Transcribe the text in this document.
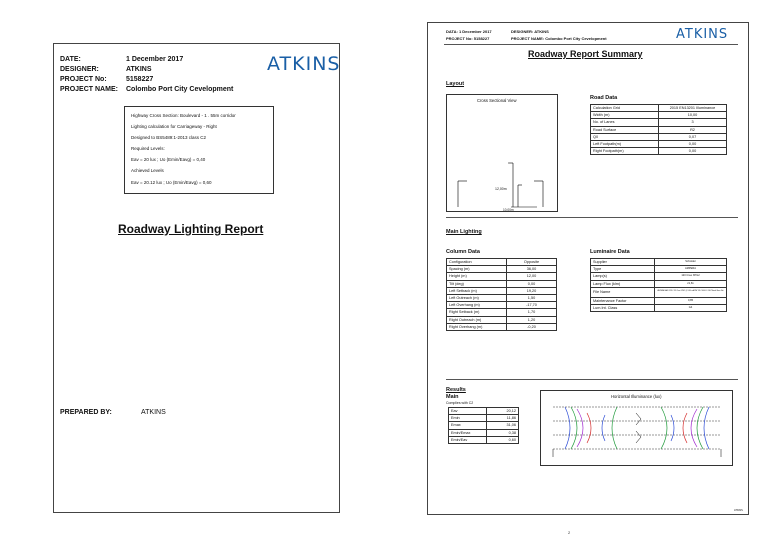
DATE:	1 December 2017
DESIGNER:	ATKINS
PROJECT No:	5158227
PROJECT NAME: Colombo Port City Cevelopment
ATKINS
Highway Cross Section: Boulevard - 1 . 55m corridor
Lighting calculation for Carriageway - Right
Designed to BS5489:1-2013 class C2
Required Levels:
Eav = 20 lux ; Uo (Emin/Eavg) = 0,40
Achieved Levels
Eav = 20.12 lux ; Uo (Emin/Eavg) = 0,60
Roadway Lighting Report
PREPARED BY:	ATKINS
DATA: 1 December 2017	DESIGNER: ATKINS
PROJECT No: 5158227	PROJECT NAME: Colombo Port City Cevelopment	ATKINS
Roadway Report Summary
Layout
Cross Sectional View
12,00m
10,00m
Road Data
Calculation Grid	2015 EN13201 Illuminance
Width (m)	10,00
No. of Lanes	3
Road Surface	R2
Q0	0,07
Left Footpath(m)	0,00
Right Footpath(m)	0,00
Main Lighting
Column Data
Configuration	Opposite
Spacing (m)	36,00
Height (m)	12,00
Tilt (deg)	0,00
Left Setback (m)	19,20
Left Outreach (m)	1,50
Left Overhang (m)	-17,70
Right Setback (m)	1,70
Right Outreach (m)	1,20
Right Overhang (m)	-0,20
Luminaire Data
Supplier	Schréder
Type	AMPERA
Lamp(s)	120 Cree XPG2
Lamp Flux (klm)	21,61
File Name	AMPERA MAXI 5139 / 120 Cree XPG2 @ 1050 mA WW 740 / 9000 K / 5M / Mixed Glass Flat
Maintenance Factor	0,85
Lum.Int. Class	G4
Results
Main
Complies with C2
Eav	20,12
Emin	11,86
Emax	31,06
Emin/Emax	0,38
Emin/Eav	0,60
Horizontal Illuminance (lux)
ATKINS
2
